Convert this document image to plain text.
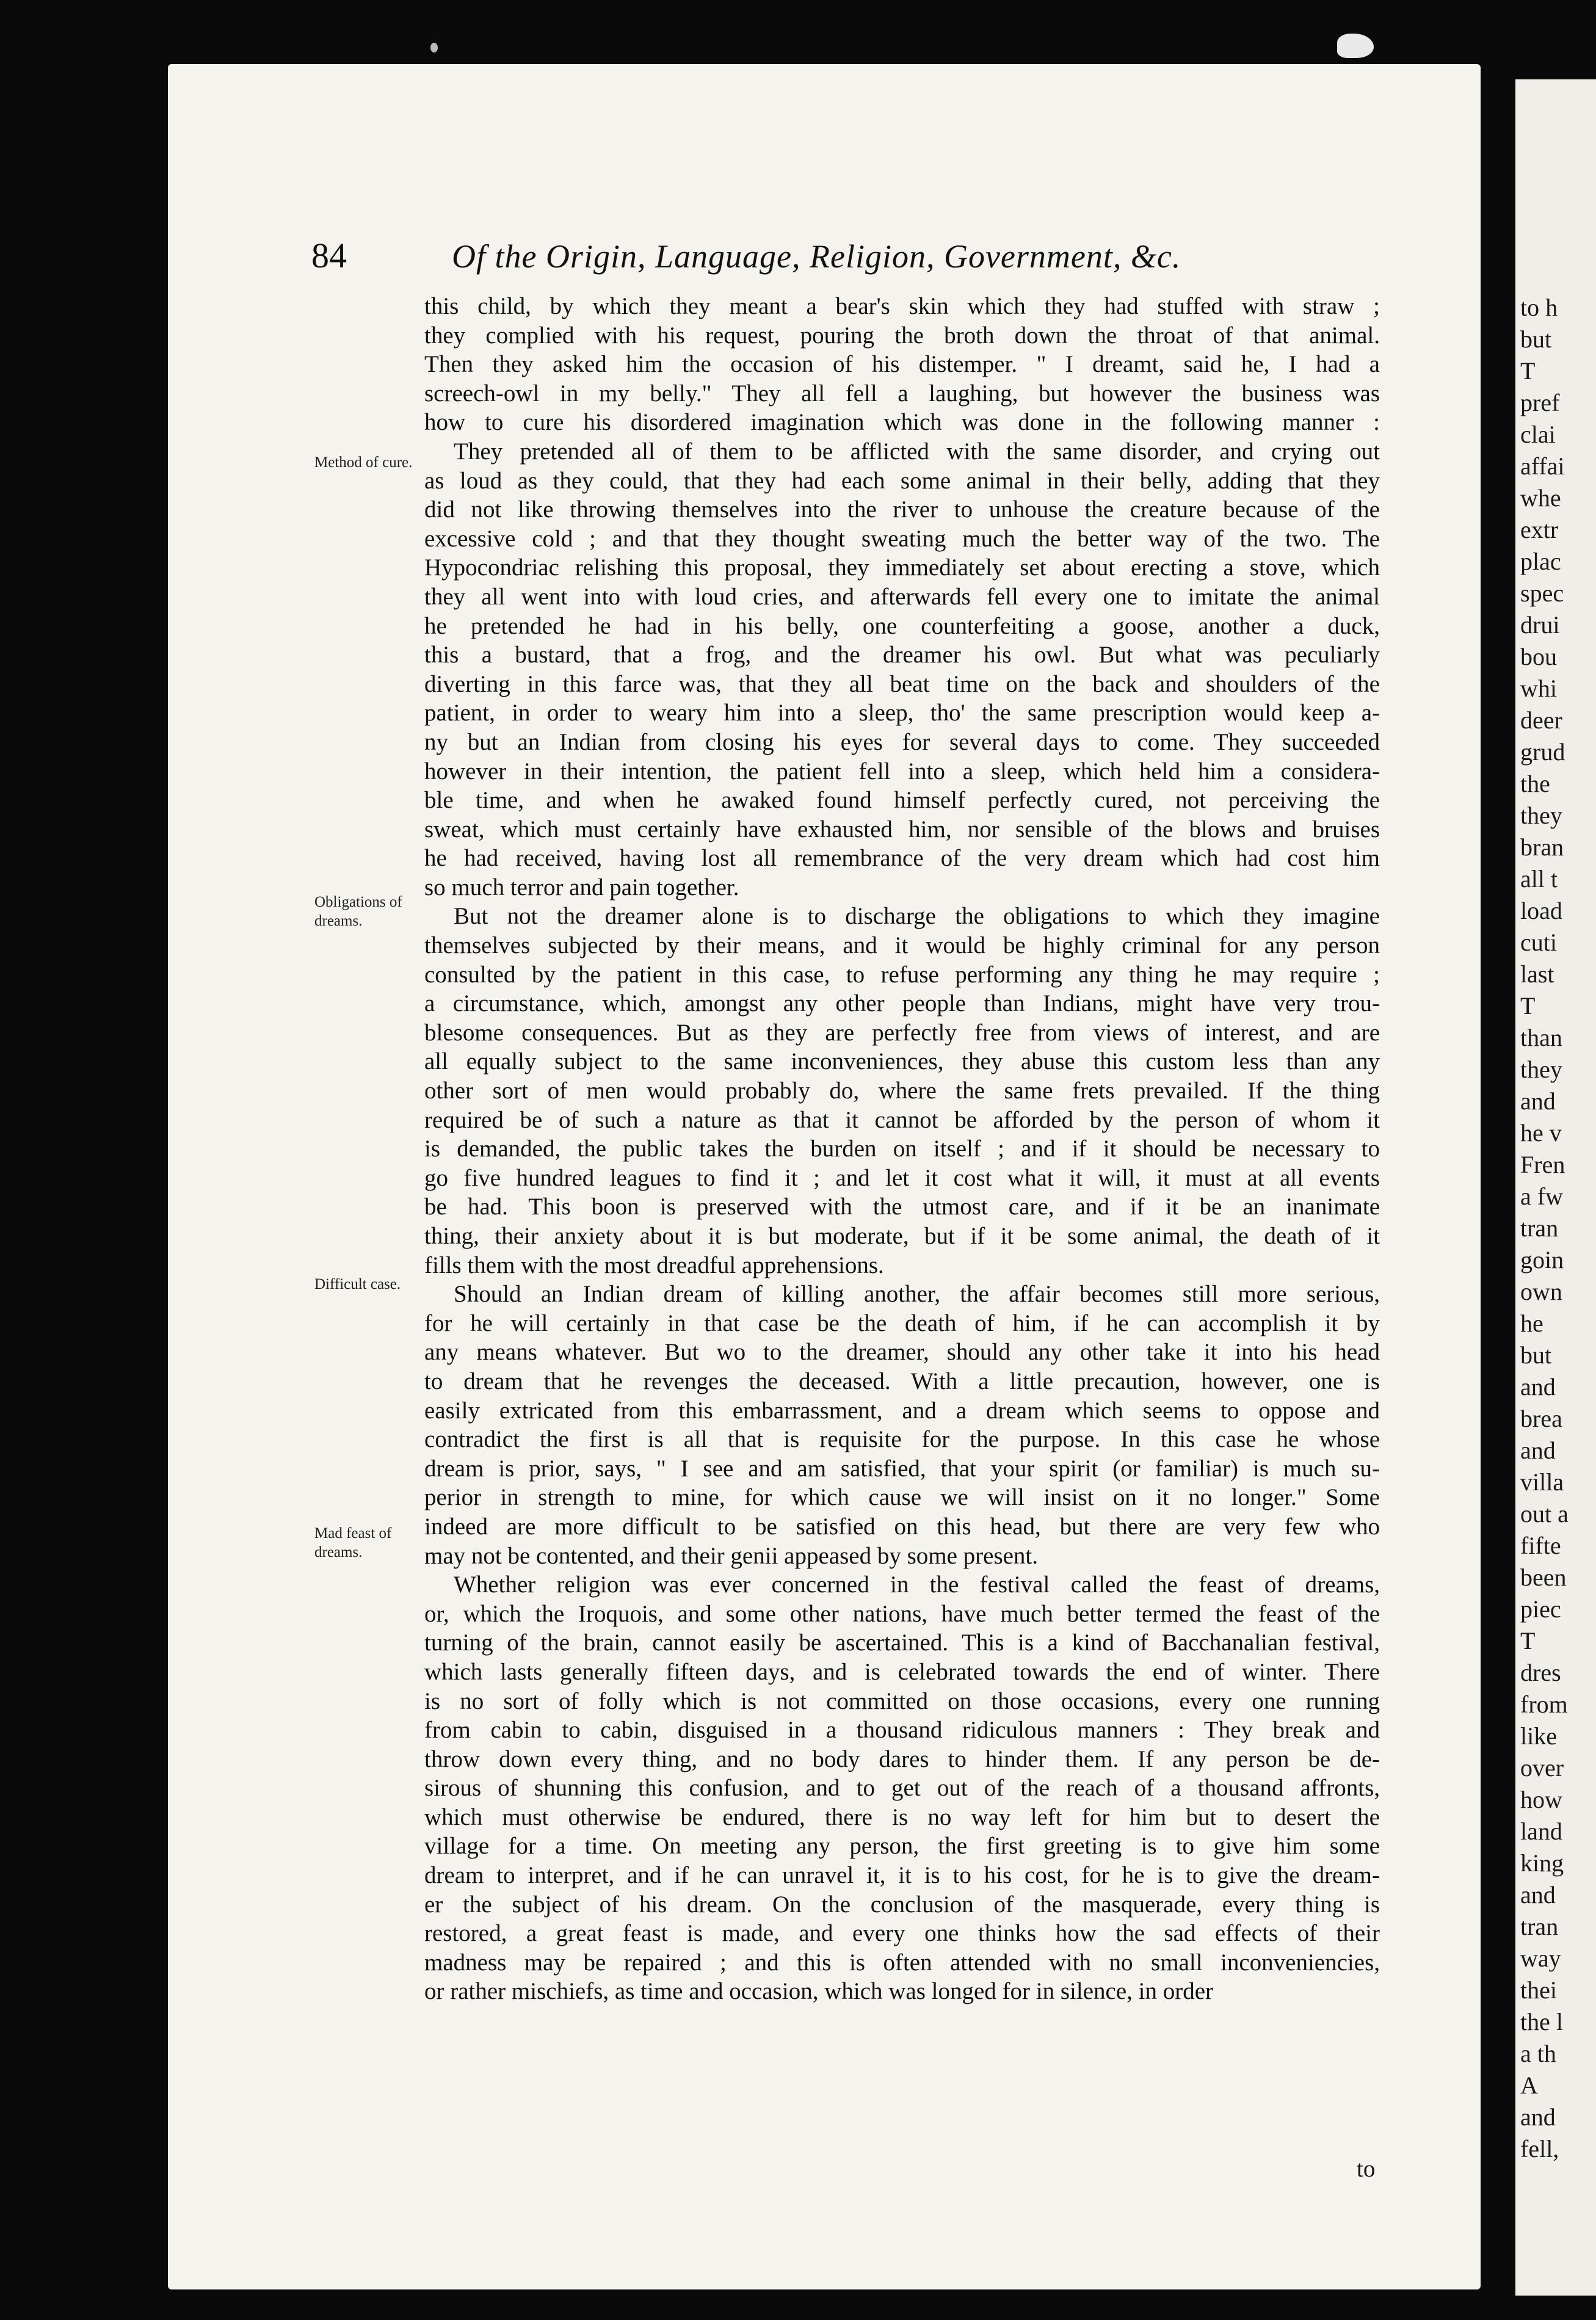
to h
but
T
pref
clai
affai
whe
extr
plac
spec
drui
bou
whi
deer
grud
the
they
bran
all t
load
cuti
last
T
than
they
and
he v
Fren
a fw
tran
goin
own
he
but
and
brea
and
villa
out a
fifte
been
piec
T
dres
from
like
over
how
land
king
and
tran
way
thei
the l
a th
A
and
fell,
84	Of the Origin, Language, Religion, Government, &c.
Method of cure.
Obligations of dreams.
Difficult case.
Mad feast of dreams.
this child, by which they meant a bear's skin which they had stuffed with straw ;
they complied with his request, pouring the broth down the throat of that animal.
Then they asked him the occasion of his distemper. " I dreamt, said he, I had a
screech-owl in my belly." They all fell a laughing, but however the business was
how to cure his disordered imagination which was done in the following manner :
They pretended all of them to be afflicted with the same disorder, and crying out
as loud as they could, that they had each some animal in their belly, adding that they
did not like throwing themselves into the river to unhouse the creature because of the
excessive cold ; and that they thought sweating much the better way of the two. The
Hypocondriac relishing this proposal, they immediately set about erecting a stove, which
they all went into with loud cries, and afterwards fell every one to imitate the animal
he pretended he had in his belly, one counterfeiting a goose, another a duck,
this a bustard, that a frog, and the dreamer his owl. But what was peculiarly
diverting in this farce was, that they all beat time on the back and shoulders of the
patient, in order to weary him into a sleep, tho' the same prescription would keep a-
ny but an Indian from closing his eyes for several days to come. They succeeded
however in their intention, the patient fell into a sleep, which held him a considera-
ble time, and when he awaked found himself perfectly cured, not perceiving the
sweat, which must certainly have exhausted him, nor sensible of the blows and bruises
he had received, having lost all remembrance of the very dream which had cost him
so much terror and pain together.
But not the dreamer alone is to discharge the obligations to which they imagine
themselves subjected by their means, and it would be highly criminal for any person
consulted by the patient in this case, to refuse performing any thing he may require ;
a circumstance, which, amongst any other people than Indians, might have very trou-
blesome consequences. But as they are perfectly free from views of interest, and are
all equally subject to the same inconveniences, they abuse this custom less than any
other sort of men would probably do, where the same frets prevailed. If the thing
required be of such a nature as that it cannot be afforded by the person of whom it
is demanded, the public takes the burden on itself ; and if it should be necessary to
go five hundred leagues to find it ; and let it cost what it will, it must at all events
be had. This boon is preserved with the utmost care, and if it be an inanimate
thing, their anxiety about it is but moderate, but if it be some animal, the death of it
fills them with the most dreadful apprehensions.
Should an Indian dream of killing another, the affair becomes still more serious,
for he will certainly in that case be the death of him, if he can accomplish it by
any means whatever. But wo to the dreamer, should any other take it into his head
to dream that he revenges the deceased. With a little precaution, however, one is
easily extricated from this embarrassment, and a dream which seems to oppose and
contradict the first is all that is requisite for the purpose. In this case he whose
dream is prior, says, " I see and am satisfied, that your spirit (or familiar) is much su-
perior in strength to mine, for which cause we will insist on it no longer." Some
indeed are more difficult to be satisfied on this head, but there are very few who
may not be contented, and their genii appeased by some present.
Whether religion was ever concerned in the festival called the feast of dreams,
or, which the Iroquois, and some other nations, have much better termed the feast of the
turning of the brain, cannot easily be ascertained. This is a kind of Bacchanalian festival,
which lasts generally fifteen days, and is celebrated towards the end of winter. There
is no sort of folly which is not committed on those occasions, every one running
from cabin to cabin, disguised in a thousand ridiculous manners : They break and
throw down every thing, and no body dares to hinder them. If any person be de-
sirous of shunning this confusion, and to get out of the reach of a thousand affronts,
which must otherwise be endured, there is no way left for him but to desert the
village for a time. On meeting any person, the first greeting is to give him some
dream to interpret, and if he can unravel it, it is to his cost, for he is to give the dream-
er the subject of his dream. On the conclusion of the masquerade, every thing is
restored, a great feast is made, and every one thinks how the sad effects of their
madness may be repaired ; and this is often attended with no small inconveniencies,
or rather mischiefs, as time and occasion, which was longed for in silence, in order
to
